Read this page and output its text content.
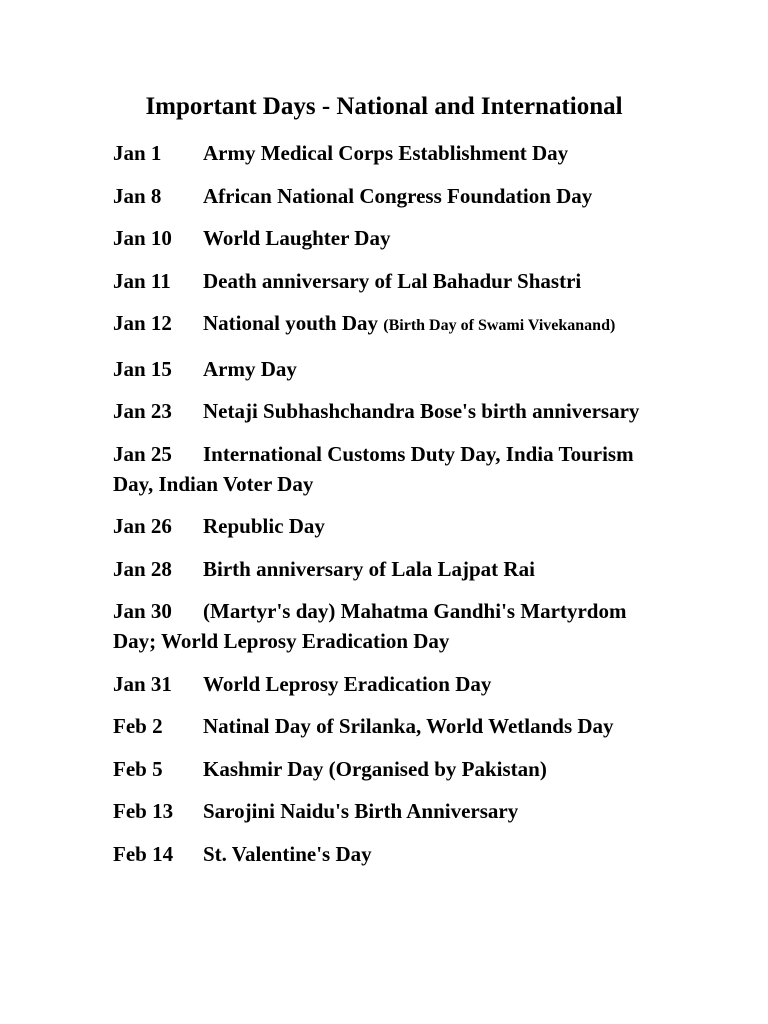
Important Days - National and International
Jan 1 Army Medical Corps Establishment Day
Jan 8 African National Congress Foundation Day
Jan 10 World Laughter Day
Jan 11 Death anniversary of Lal Bahadur Shastri
Jan 12 National youth Day (Birth Day of Swami Vivekanand)
Jan 15 Army Day
Jan 23 Netaji Subhashchandra Bose's birth anniversary
Jan 25 International Customs Duty Day, India Tourism Day, Indian Voter Day
Jan 26 Republic Day
Jan 28 Birth anniversary of Lala Lajpat Rai
Jan 30 (Martyr's day) Mahatma Gandhi's Martyrdom Day; World Leprosy Eradication Day
Jan 31 World Leprosy Eradication Day
Feb 2 Natinal Day of Srilanka, World Wetlands Day
Feb 5 Kashmir Day (Organised by Pakistan)
Feb 13 Sarojini Naidu's Birth Anniversary
Feb 14 St. Valentine's Day
